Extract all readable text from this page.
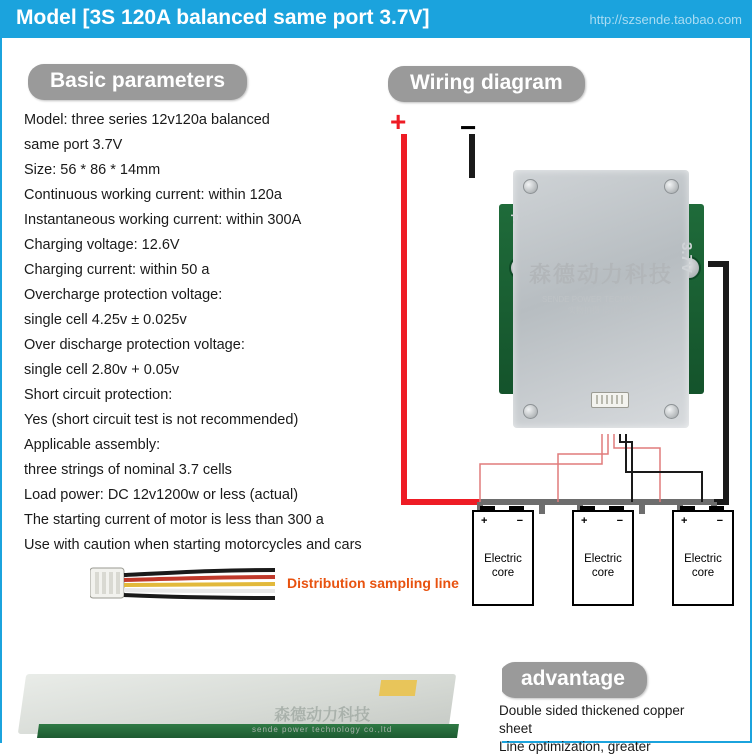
Model [3S 120A balanced same port 3.7V]	http://szsende.taobao.com
Basic parameters	Wiring diagram
advantage
Model: three series 12v120a balanced
same port 3.7V
Size: 56 * 86 * 14mm
Continuous working current: within 120a
Instantaneous working current: within 300A
Charging voltage: 12.6V
Charging current: within 50 a
Overcharge protection voltage:
single cell 4.25v ± 0.025v
Over discharge protection voltage:
single cell 2.80v + 0.05v
Short circuit protection:
Yes (short circuit test is not recommended)
Applicable assembly:
three strings of nominal 3.7 cells
Load power: DC 12v1200w or less (actual)
The starting current of motor is less than 300 a
Use with caution when starting motorcycles and cars
Distribution sampling line
+ −
森德动力科技
SENDE POWER TECHNOLOGY
实物拍摄 盗用必究
3.7V
P-
+	−
Electric
core
+	−
Electric
core
+	−
Electric
core
森德动力科技
sende power technology co.,ltd
Double sided thickened copper
sheet
Line optimization, greater
